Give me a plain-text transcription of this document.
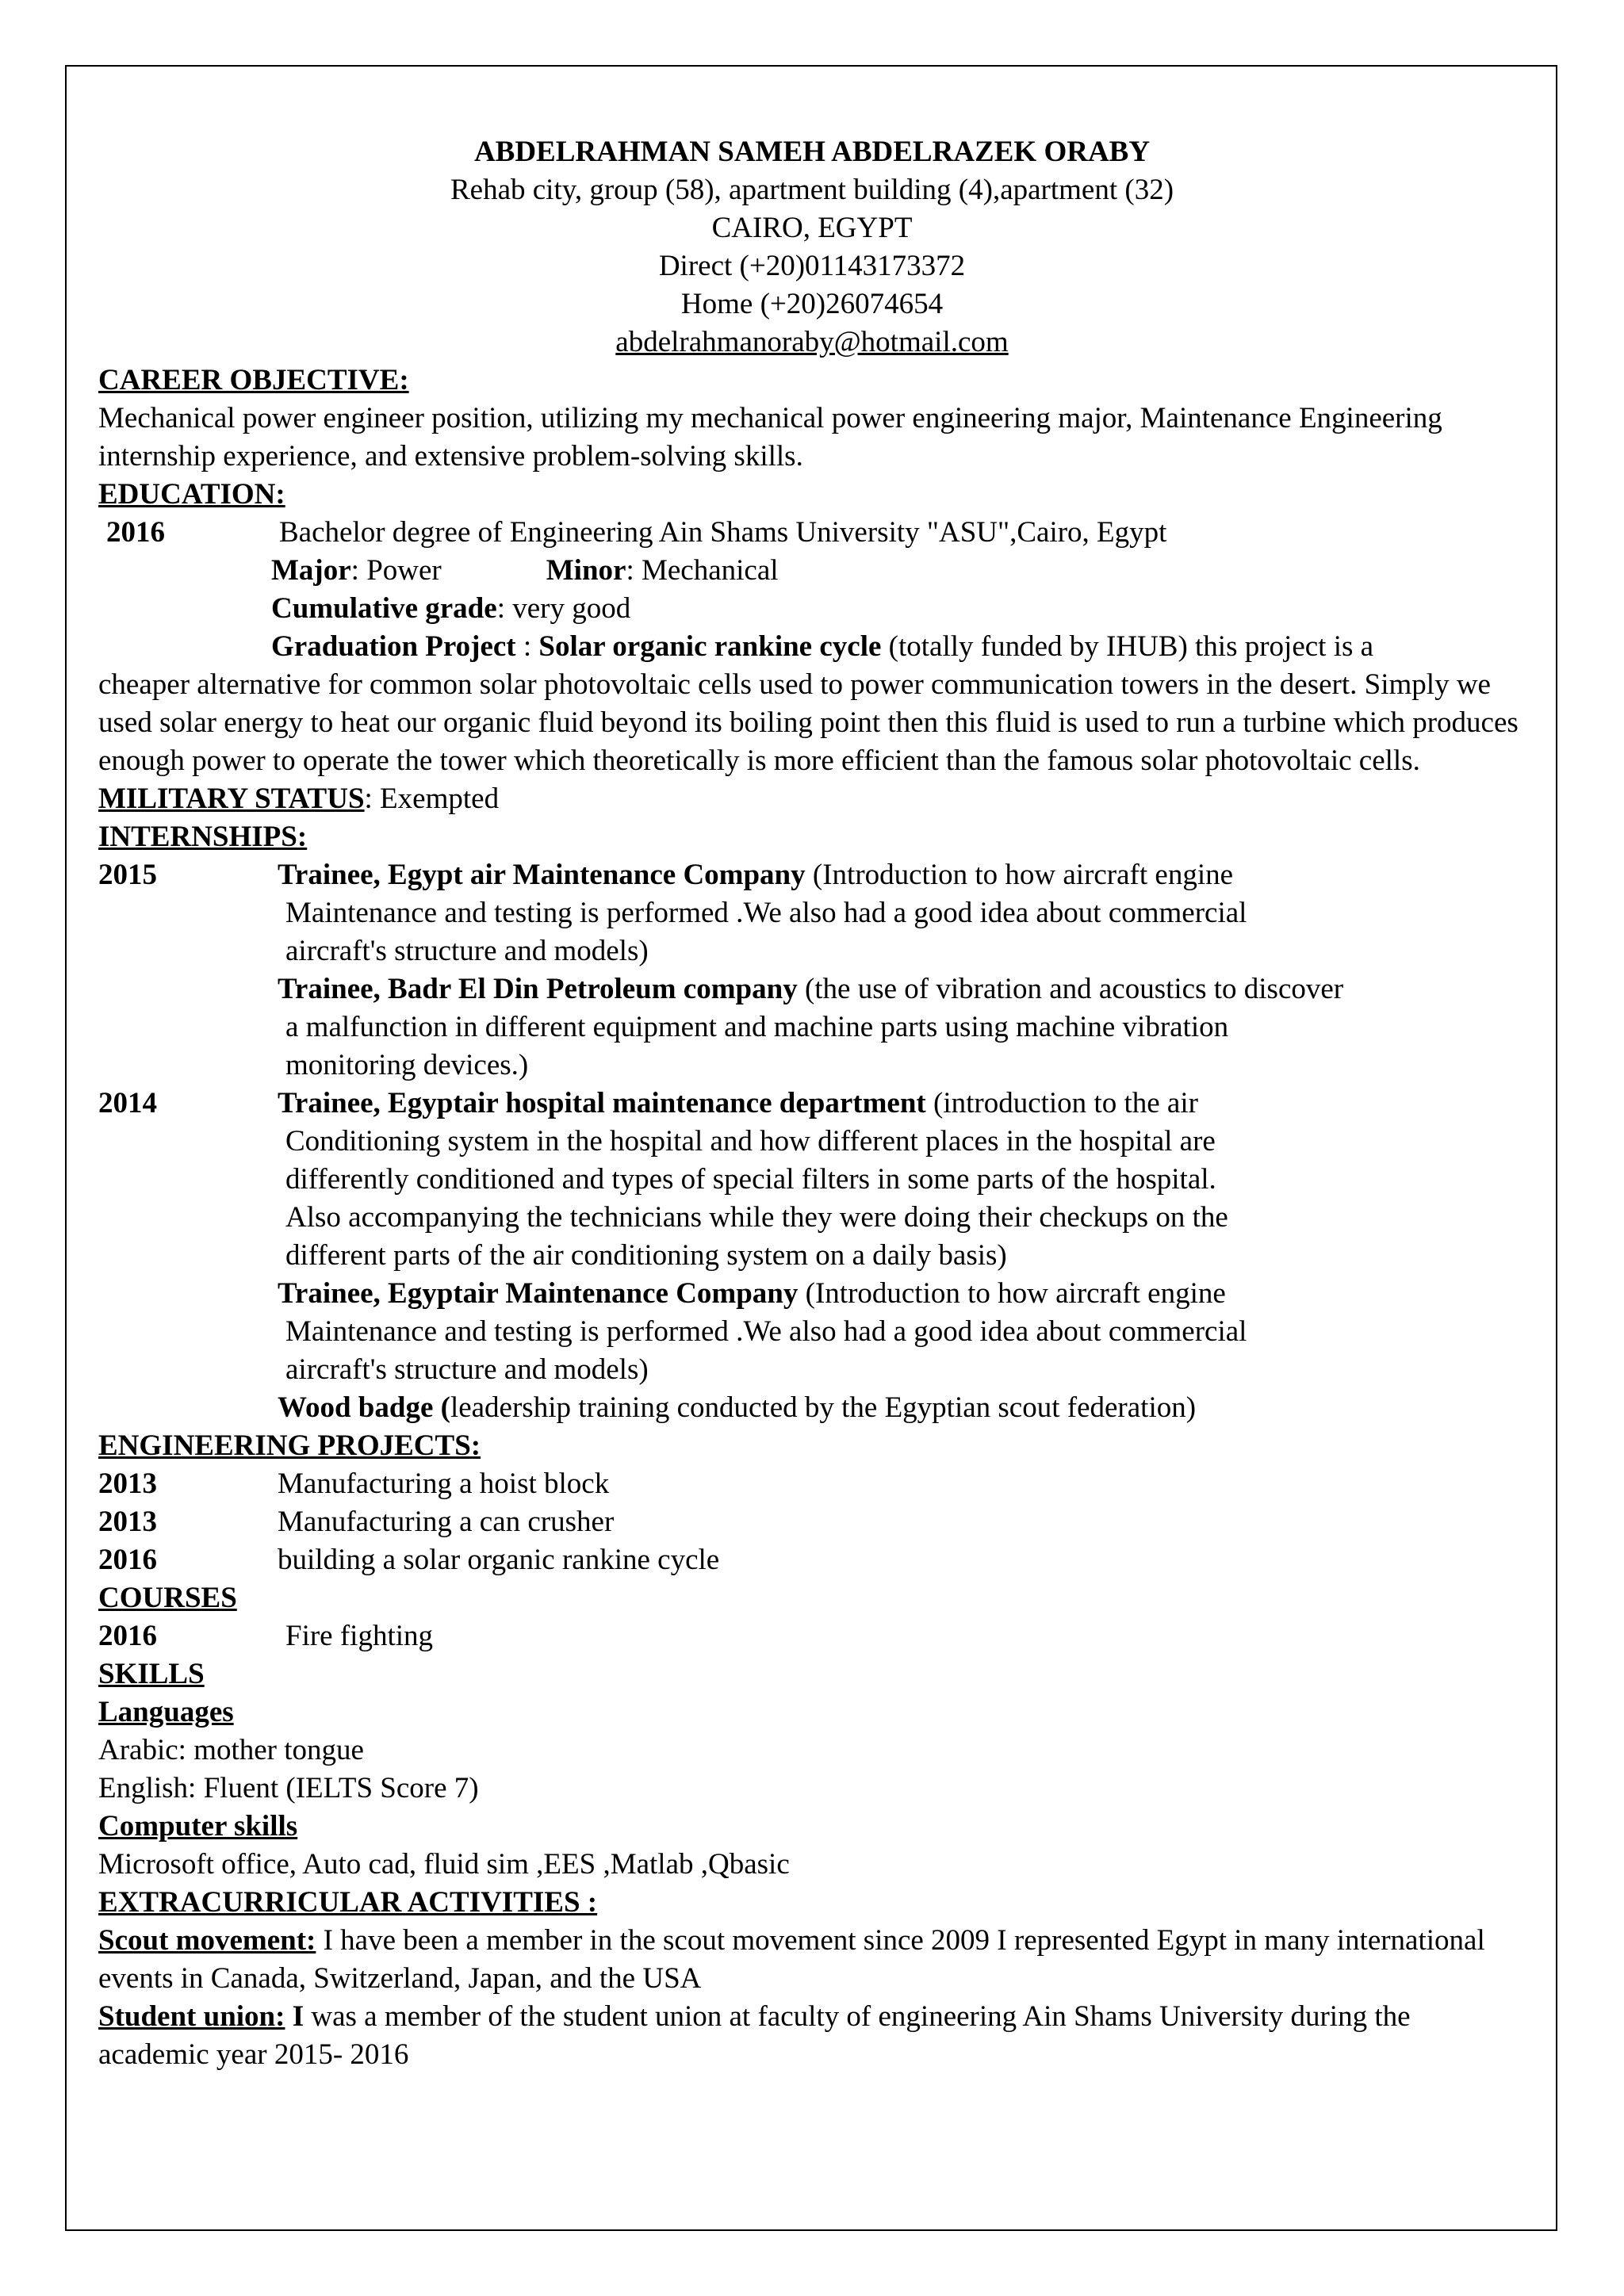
ABDELRAHMAN SAMEH ABDELRAZEK ORABY

Rehab city, group (58), apartment building (4),apartment (32)

CAIRO, EGYPT

Direct (+20)01143173372

Home (+20)26074654

abdelrahmanoraby@hotmail.com

CAREER OBJECTIVE:

Mechanical power engineer position, utilizing my mechanical power engineering major, Maintenance Engineering internship experience, and extensive problem-solving skills.

EDUCATION:

2016	Bachelor degree of Engineering Ain Shams University "ASU",Cairo, Egypt

Major: Power	Minor: Mechanical

Cumulative grade: very good

Graduation Project : Solar organic rankine cycle (totally funded by IHUB) this project is a

cheaper alternative for common solar photovoltaic cells used to power communication towers in the desert. Simply we used solar energy to heat our organic fluid beyond its boiling point then this fluid is used to run a turbine which produces enough power to operate the tower which theoretically is more efficient than the famous solar photovoltaic cells.

MILITARY STATUS: Exempted

INTERNSHIPS:

2015	Trainee, Egypt air Maintenance Company (Introduction to how aircraft engine
Maintenance and testing is performed .We also had a good idea about commercial
aircraft's structure and models)
Trainee, Badr El Din Petroleum company (the use of vibration and acoustics to discover
a malfunction in different equipment and machine parts using machine vibration
monitoring devices.)
2014	Trainee, Egyptair hospital maintenance department (introduction to the air
Conditioning system in the hospital and how different places in the hospital are
differently conditioned and types of special filters in some parts of the hospital.
Also accompanying the technicians while they were doing their checkups on the
different parts of the air conditioning system on a daily basis)
Trainee, Egyptair Maintenance Company (Introduction to how aircraft engine
Maintenance and testing is performed .We also had a good idea about commercial
aircraft's structure and models)
Wood badge (leadership training conducted by the Egyptian scout federation)

ENGINEERING PROJECTS:

2013	Manufacturing a hoist block
2013	Manufacturing a can crusher
2016	building a solar organic rankine cycle

COURSES

2016	Fire fighting

SKILLS

Languages

Arabic: mother tongue

English: Fluent (IELTS Score 7)

Computer skills

Microsoft office, Auto cad, fluid sim ,EES ,Matlab ,Qbasic

EXTRACURRICULAR ACTIVITIES :

Scout movement: I have been a member in the scout movement since 2009 I represented Egypt in many international events in Canada, Switzerland, Japan, and the USA

Student union: I was a member of the student union at faculty of engineering Ain Shams University during the academic year 2015- 2016
